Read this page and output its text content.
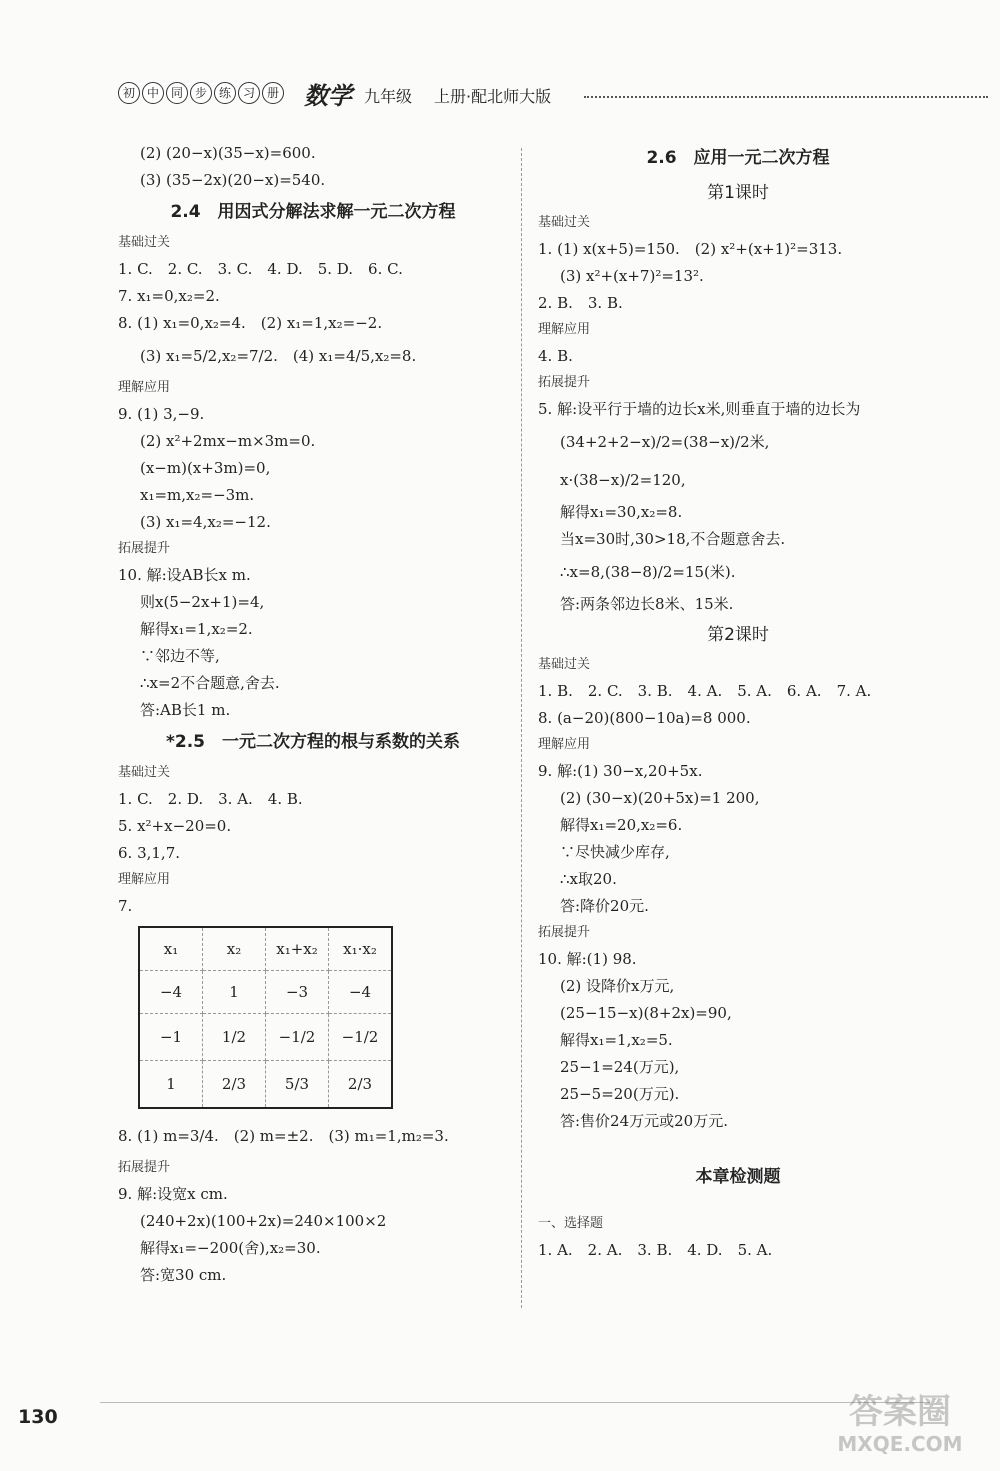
初 中 同 步 练 习 册 数学 九年级 上册·配北师大版
(2) (20−x)(35−x)=600.
(3) (35−2x)(20−x)=540.
2.4　用因式分解法求解一元二次方程
基础过关
1. C.　2. C.　3. C.　4. D.　5. D.　6. C.
7. x₁=0,x₂=2.
8. (1) x₁=0,x₂=4.　(2) x₁=1,x₂=−2.
(3) x₁=5/2,x₂=7/2.　(4) x₁=4/5,x₂=8.
理解应用
9. (1) 3,−9.
(2) x²+2mx−m×3m=0.
(x−m)(x+3m)=0,
x₁=m,x₂=−3m.
(3) x₁=4,x₂=−12.
拓展提升
10. 解:设AB长x m.
则x(5−2x+1)=4,
解得x₁=1,x₂=2.
∵邻边不等,
∴x=2不合题意,舍去.
答:AB长1 m.
*2.5　一元二次方程的根与系数的关系
基础过关
1. C.　2. D.　3. A.　4. B.
5. x²+x−20=0.
6. 3,1,7.
理解应用
7.
x₁	x₂	x₁+x₂	x₁·x₂
−4	1	−3	−4
−1	1/2	−1/2	−1/2
1	2/3	5/3	2/3
8. (1) m=3/4.　(2) m=±2.　(3) m₁=1,m₂=3.
拓展提升
9. 解:设宽x cm.
(240+2x)(100+2x)=240×100×2
解得x₁=−200(舍),x₂=30.
答:宽30 cm.
2.6　应用一元二次方程
第1课时
基础过关
1. (1) x(x+5)=150.　(2) x²+(x+1)²=313.
(3) x²+(x+7)²=13².
2. B.　3. B.
理解应用
4. B.
拓展提升
5. 解:设平行于墙的边长x米,则垂直于墙的边长为
(34+2+2−x)/2=(38−x)/2米,
x·(38−x)/2=120,
解得x₁=30,x₂=8.
当x=30时,30>18,不合题意舍去.
∴x=8,(38−8)/2=15(米).
答:两条邻边长8米、15米.
第2课时
基础过关
1. B.　2. C.　3. B.　4. A.　5. A.　6. A.　7. A.
8. (a−20)(800−10a)=8 000.
理解应用
9. 解:(1) 30−x,20+5x.
(2) (30−x)(20+5x)=1 200,
解得x₁=20,x₂=6.
∵尽快减少库存,
∴x取20.
答:降价20元.
拓展提升
10. 解:(1) 98.
(2) 设降价x万元,
(25−15−x)(8+2x)=90,
解得x₁=1,x₂=5.
25−1=24(万元),
25−5=20(万元).
答:售价24万元或20万元.
本章检测题
一、选择题
1. A.　2. A.　3. B.　4. D.　5. A.
130	答案圈
MXQE.COM
